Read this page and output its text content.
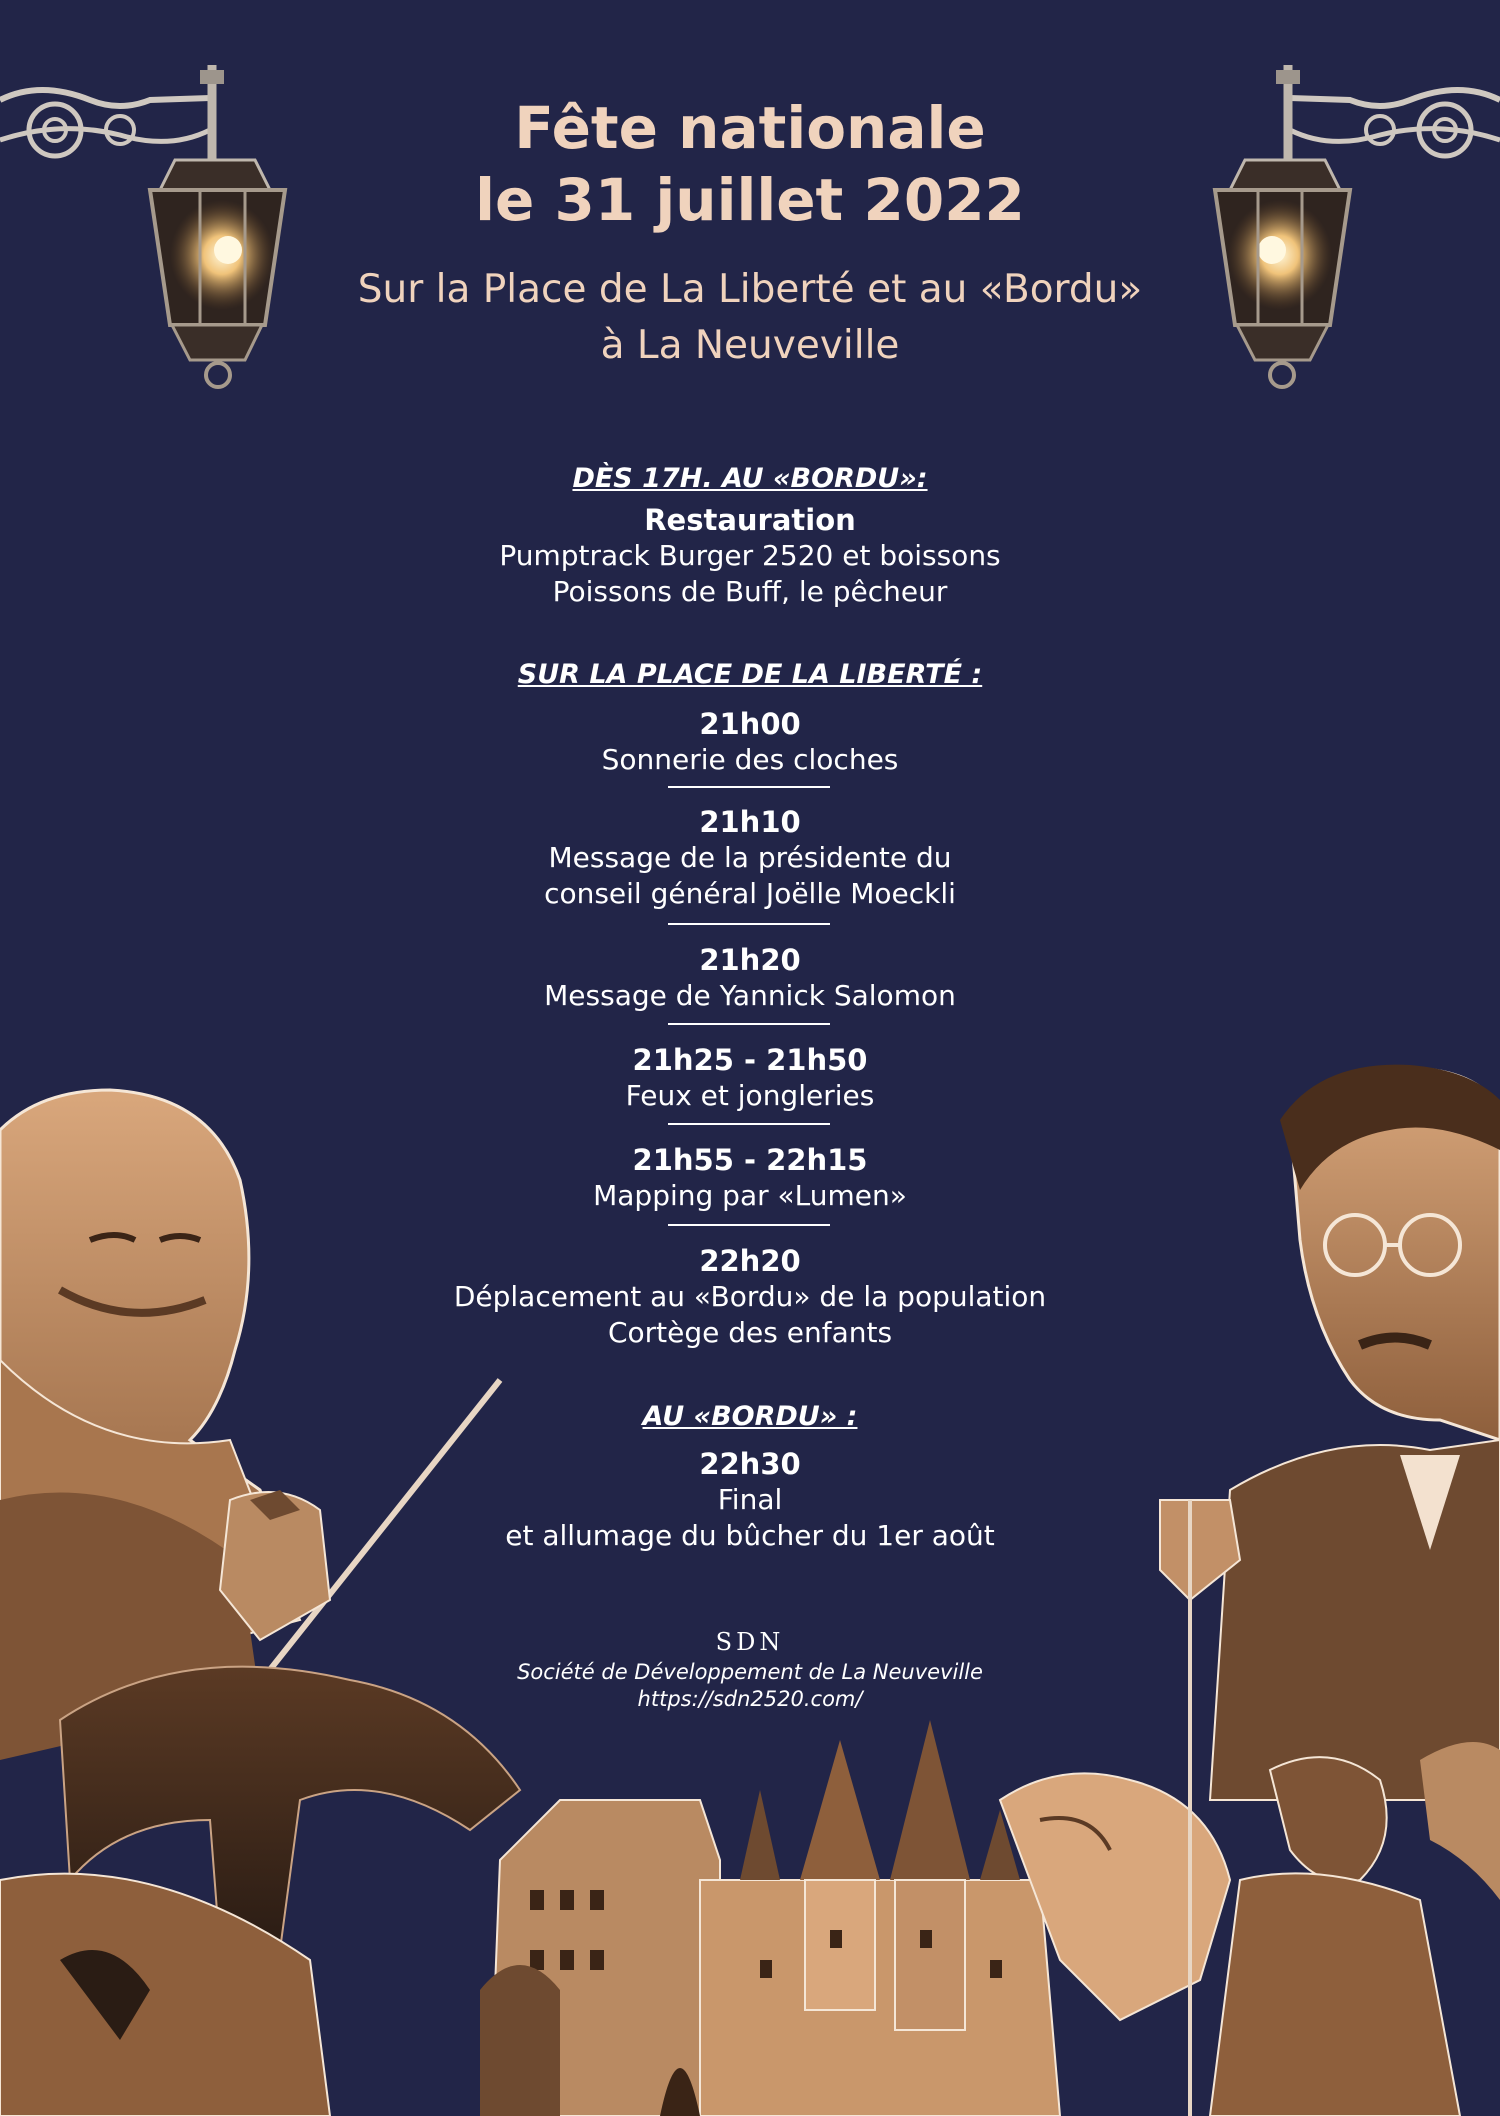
Fête nationale
le 31 juillet 2022
Sur la Place de La Liberté et au «Bordu»
à La Neuveville
DÈS 17H. AU «BORDU»:
Restauration
Pumptrack Burger 2520 et boissons
Poissons de Buff, le pêcheur
SUR LA PLACE DE LA LIBERTÉ :
21h00
Sonnerie des cloches
21h10
Message de la présidente du
conseil général Joëlle Moeckli
21h20
Message de Yannick Salomon
21h25 - 21h50
Feux et jongleries
21h55 - 22h15
Mapping par «Lumen»
22h20
Déplacement au «Bordu» de la population
Cortège des enfants
AU «BORDU» :
22h30
Final
et allumage du bûcher du 1er août
SDN
Société de Développement de La Neuveville
https://sdn2520.com/
